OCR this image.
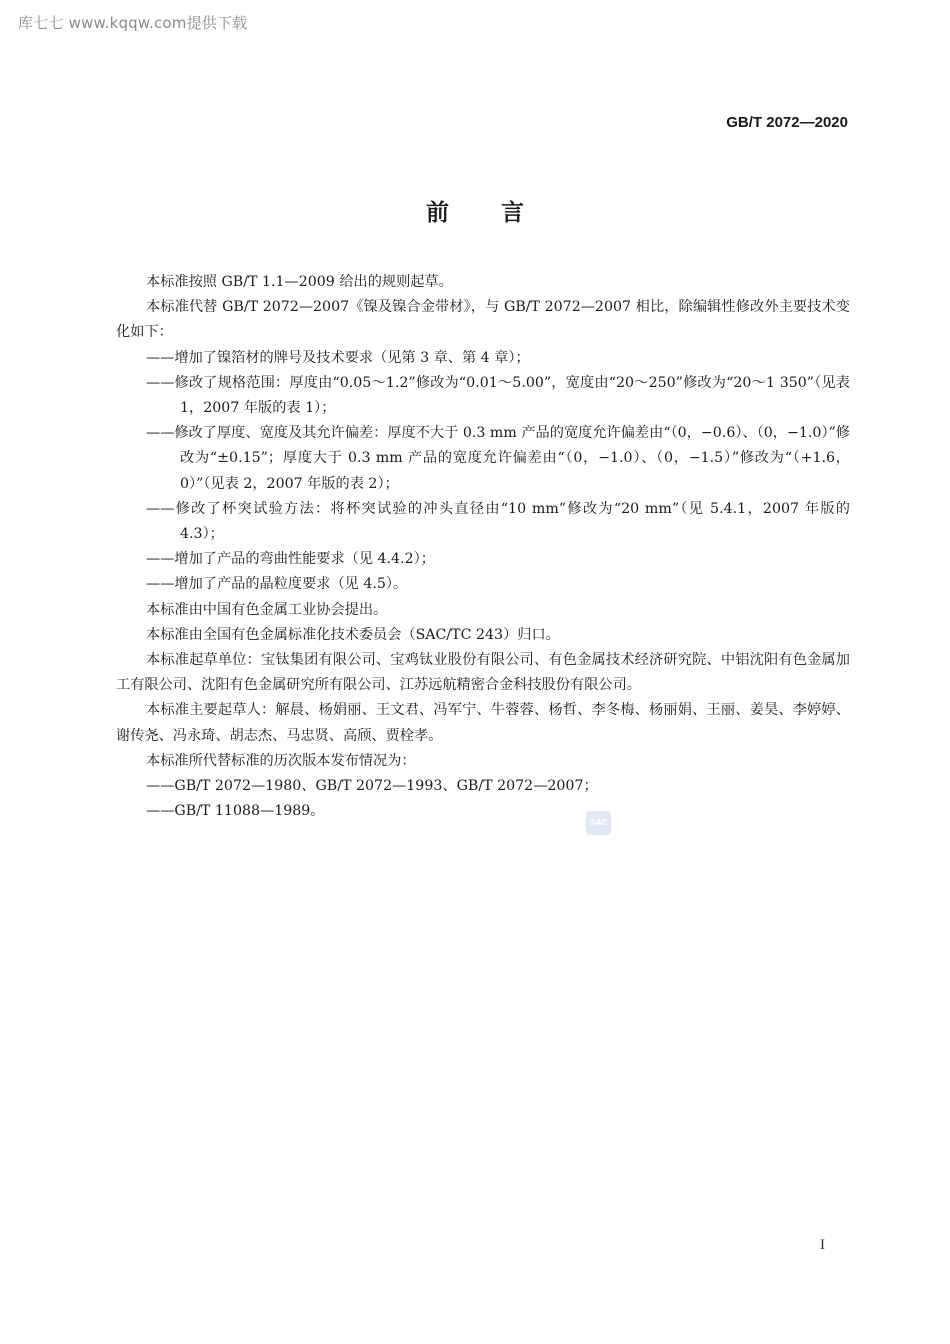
库七七 www.kqqw.com提供下载
GB/T 2072—2020
前言

本标准按照 GB/T 1.1—2009 给出的规则起草。

本标准代替 GB/T 2072—2007《镍及镍合金带材》，与 GB/T 2072—2007 相比，除编辑性修改外主要技术变化如下：

——增加了镍箔材的牌号及技术要求（见第 3 章、第 4 章）；

——修改了规格范围：厚度由“0.05～1.2”修改为“0.01～5.00”，宽度由“20～250”修改为“20～1 350”（见表 1，2007 年版的表 1）；

——修改了厚度、宽度及其允许偏差：厚度不大于 0.3 mm 产品的宽度允许偏差由“（0，−0.6）、（0，−1.0）”修改为“±0.15”；厚度大于 0.3 mm 产品的宽度允许偏差由“（0，−1.0）、（0，−1.5）”修改为“（+1.6，0）”（见表 2，2007 年版的表 2）；

——修改了杯突试验方法：将杯突试验的冲头直径由“10 mm”修改为“20 mm”（见 5.4.1，2007 年版的 4.3）；

——增加了产品的弯曲性能要求（见 4.4.2）；

——增加了产品的晶粒度要求（见 4.5）。

本标准由中国有色金属工业协会提出。

本标准由全国有色金属标准化技术委员会（SAC/TC 243）归口。

本标准起草单位：宝钛集团有限公司、宝鸡钛业股份有限公司、有色金属技术经济研究院、中铝沈阳有色金属加工有限公司、沈阳有色金属研究所有限公司、江苏远航精密合金科技股份有限公司。

本标准主要起草人：解晨、杨娟丽、王文君、冯军宁、牛蓉蓉、杨哲、李冬梅、杨丽娟、王丽、姜昊、李婷婷、谢传尧、冯永琦、胡志杰、马忠贤、高颀、贾栓孝。

本标准所代替标准的历次版本发布情况为：

——GB/T 2072—1980、GB/T 2072—1993、GB/T 2072—2007；

——GB/T 11088—1989。

SAC
I
